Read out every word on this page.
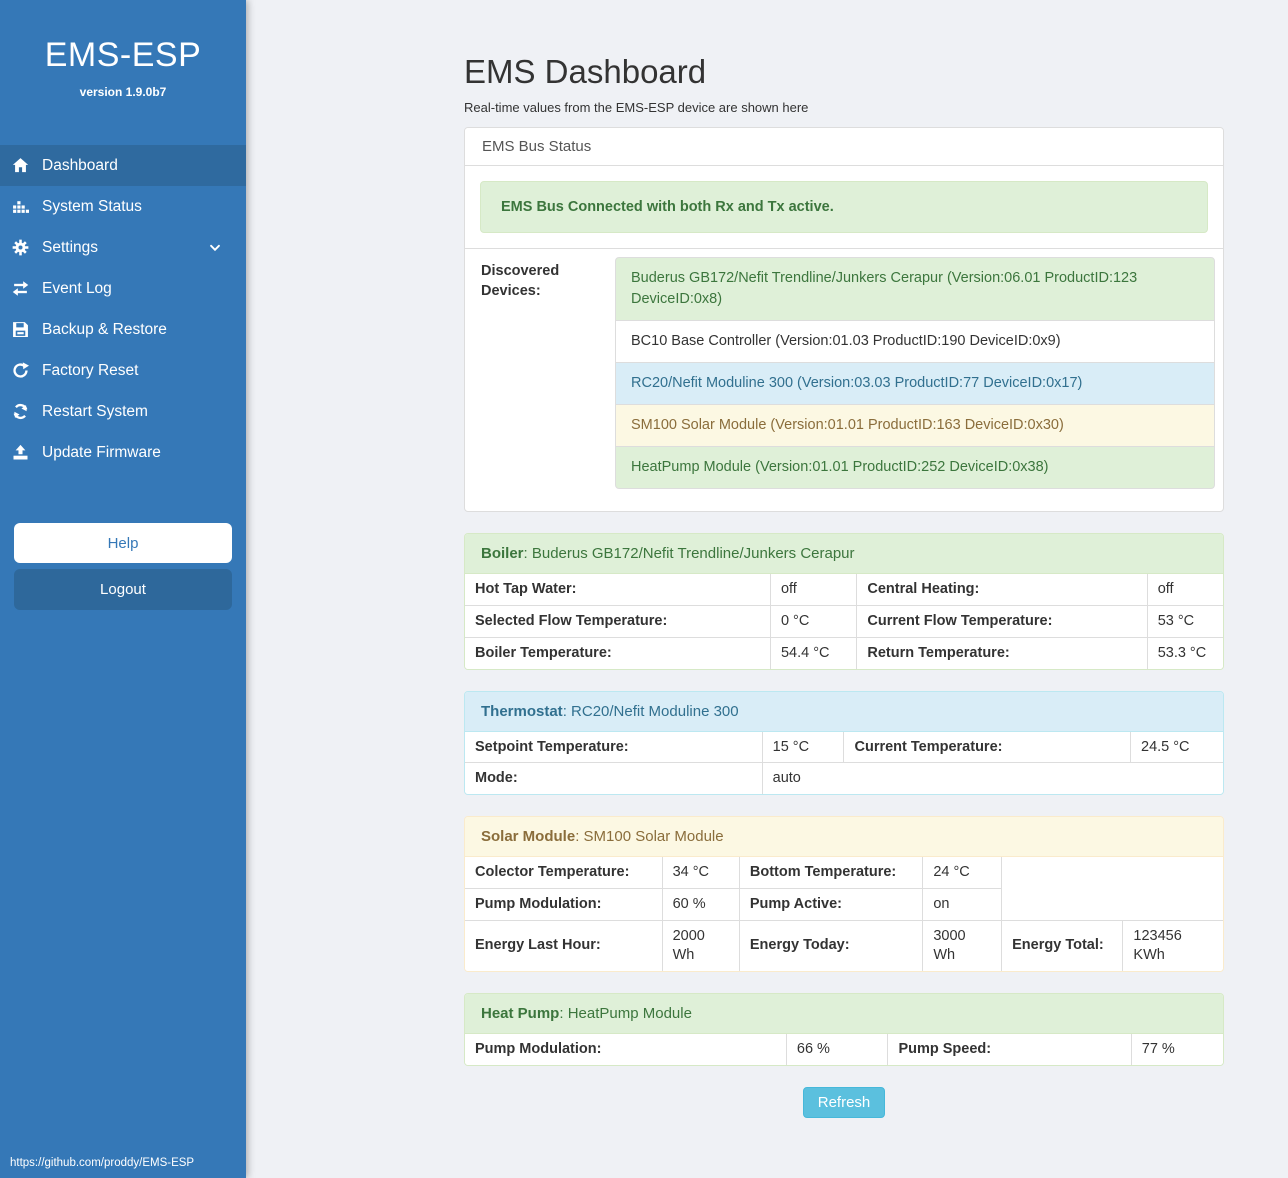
EMS-ESP
version 1.9.0b7
Dashboard
System Status
Settings
Event Log
Backup & Restore
Factory Reset
Restart System
Update Firmware
Help
Logout
https://github.com/proddy/EMS-ESP
EMS Dashboard

Real-time values from the EMS-ESP device are shown here

EMS Bus Status
EMS Bus Connected with both Rx and Tx active.
Discovered Devices:
Buderus GB172/Nefit Trendline/Junkers Cerapur (Version:06.01 ProductID:123 DeviceID:0x8)
BC10 Base Controller (Version:01.03 ProductID:190 DeviceID:0x9)
RC20/Nefit Moduline 300 (Version:03.03 ProductID:77 DeviceID:0x17)
SM100 Solar Module (Version:01.01 ProductID:163 DeviceID:0x30)
HeatPump Module (Version:01.01 ProductID:252 DeviceID:0x38)
Boiler: Buderus GB172/Nefit Trendline/Junkers Cerapur
Hot Tap Water:	off	Central Heating:	off
Selected Flow Temperature:	0 °C	Current Flow Temperature:	53 °C
Boiler Temperature:	54.4 °C	Return Temperature:	53.3 °C
Thermostat: RC20/Nefit Moduline 300
Setpoint Temperature:	15 °C	Current Temperature:	24.5 °C
Mode:	auto		
Solar Module: SM100 Solar Module
Colector Temperature:	34 °C	Bottom Temperature:	24 °C		
Pump Modulation:	60 %	Pump Active:	on		
Energy Last Hour:	2000 Wh	Energy Today:	3000 Wh	Energy Total:	123456 KWh
Heat Pump: HeatPump Module
Pump Modulation:	66 %	Pump Speed:	77 %
Refresh
